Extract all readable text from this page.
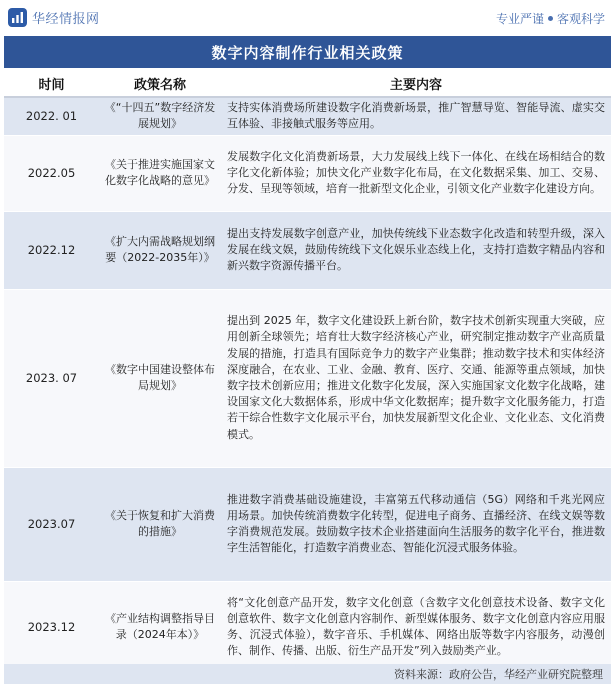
华经情报网	专业严谨 客观科学
数字内容制作行业相关政策
时间	政策名称	主要内容
2022. 01	《“十四五”数字经济发展规划》	支持实体消费场所建设数字化消费新场景，推广智慧导览、智能导流、虚实交互体验、非接触式服务等应用。
2022.05	《关于推进实施国家文化数字化战略的意见》	发展数字化文化消费新场景，大力发展线上线下一体化、在线在场相结合的数字化文化新体验；加快文化产业数字化布局，在文化数据采集、加工、交易、分发、呈现等领域，培育一批新型文化企业，引领文化产业数字化建设方向。
2022.12	《扩大内需战略规划纲要（2022-2035年）》	提出支持发展数字创意产业，加快传统线下业态数字化改造和转型升级，深入发展在线文娱，鼓励传统线下文化娱乐业态线上化，支持打造数字精品内容和新兴数字资源传播平台。
2023. 07	《数字中国建设整体布局规划》	提出到 2025 年，数字文化建设跃上新台阶，数字技术创新实现重大突破，应用创新全球领先；培育壮大数字经济核心产业，研究制定推动数字产业高质量发展的措施，打造具有国际竞争力的数字产业集群；推动数字技术和实体经济深度融合，在农业、工业、金融、教育、医疗、交通、能源等重点领域，加快数字技术创新应用；推进文化数字化发展，深入实施国家文化数字化战略，建设国家文化大数据体系，形成中华文化数据库；提升数字文化服务能力，打造若干综合性数字文化展示平台，加快发展新型文化企业、文化业态、文化消费模式。
2023.07	《关于恢复和扩大消费的措施》	推进数字消费基础设施建设，丰富第五代移动通信（5G）网络和千兆光网应用场景。加快传统消费数字化转型，促进电子商务、直播经济、在线文娱等数字消费规范发展。鼓励数字技术企业搭建面向生活服务的数字化平台，推进数字生活智能化，打造数字消费业态、智能化沉浸式服务体验。
2023.12	《产业结构调整指导目录（2024年本）》	将“文化创意产品开发，数字文化创意（含数字文化创意技术设备、数字文化创意软件、数字文化创意内容制作、新型媒体服务、数字文化创意内容应用服务、沉浸式体验），数字音乐、手机媒体、网络出版等数字内容服务，动漫创作、制作、传播、出版、衍生产品开发”列入鼓励类产业。
资料来源：政府公告，华经产业研究院整理
